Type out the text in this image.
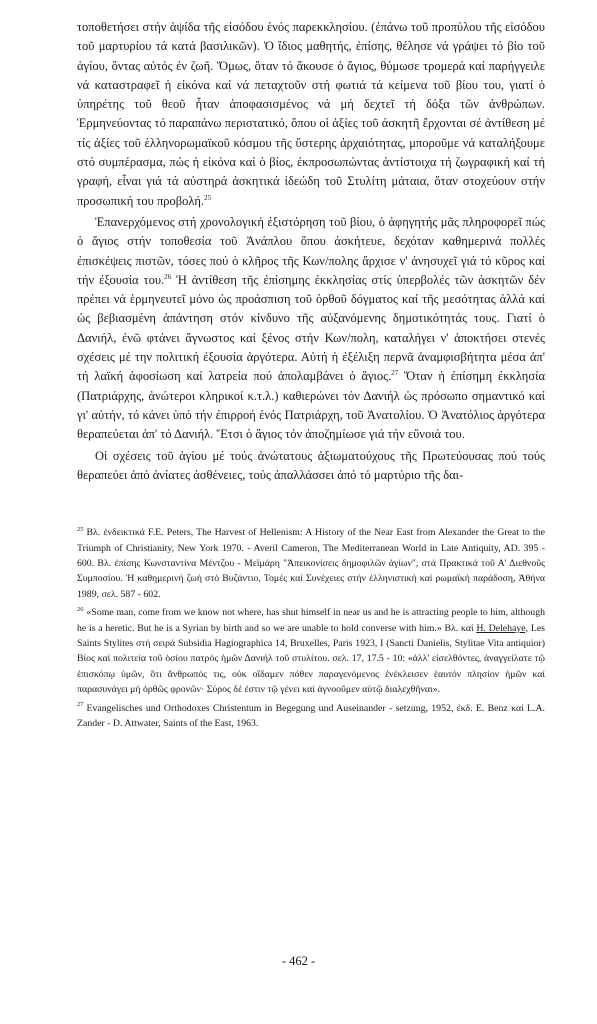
τοποθετήσει στήν ἁψίδα τῆς εἰσόδου ἑνός παρεκκλησίου. (ἐπάνω τοῦ προπύλου τῆς εἰσόδου τοῦ μαρτυρίου τά κατά βασιλικῶν). Ὁ ἴδιος μαθητής, ἐπίσης, θέλησε νά γράψει τό βίο τοῦ ἁγίου, ὄντας αὐτός ἐν ζωῆ. Ὅμως, ὅταν τό ἄκουσε ὁ ἅγιος, θύμωσε τρομερά καί παρήγγειλε νά καταστραφεῖ ἡ εἰκόνα καί νά πεταχτοῦν στή φωτιά τά κείμενα τοῦ βίου του, γιατί ὁ ὑπηρέτης τοῦ θεοῦ ἦταν ἀποφασισμένος νά μή δεχτεῖ τή δόξα τῶν ἀνθρώπων. Ἑρμηνεύοντας τό παραπάνω περιστατικό, ὅπου οἱ ἀξίες τοῦ ἀσκητῆ ἔρχονται σέ ἀντίθεση μέ τίς ἀξίες τοῦ ἑλληνορωμαϊκοῦ κόσμου τῆς ὕστερης ἀρχαιότητας, μποροῦμε νά καταλήξουμε στό συμπέρασμα, πώς ἡ εἰκόνα καί ὁ βίος, ἐκπροσωπώντας ἀντίστοιχα τή ζωγραφική καί τή γραφή, εἶναι γιά τά αὐστηρά ἀσκητικά ἰδεώδη τοῦ Στυλίτη μάταια, ὅταν στοχεύουν στήν προσωπική του προβολή.$^{25}$

Ἐπανερχόμενος στή χρονολογική ἐξιστόρηση τοῦ βίου, ὁ ἀφηγητής μᾶς πληροφορεῖ πώς ὁ ἅγιος στήν τοποθεσία τοῦ Ἀνάπλου ὅπου ἀσκήτευε, δεχόταν καθημερινά πολλές ἐπισκέψεις πιστῶν, τόσες πού ὁ κλῆρος τῆς Κων/πολης ἄρχισε ν' ἀνησυχεῖ γιά τό κῦρος καί τήν ἐξουσία του.$^{26}$ Ἡ ἀντίθεση τῆς ἐπίσημης ἐκκλησίας στίς ὑπερβολές τῶν ἀσκητῶν δέν πρέπει νά ἑρμηνευτεῖ μόνο ὡς προάσπιση τοῦ ὀρθοῦ δόγματος καί τῆς μεσότητας ἀλλά καί ὡς βεβιασμένη ἀπάντηση στόν κίνδυνο τῆς αὐξανόμενης δημοτικότητάς τους. Γιατί ὁ Δανιήλ, ἐνῶ φτάνει ἄγνωστος καί ξένος στήν Κων/πολη, καταλήγει ν' ἀποκτήσει στενές σχέσεις μέ την πολιτική ἐξουσία ἀργότερα. Αὐτή ἡ ἐξέλιξη περνᾶ ἀναμφισβήτητα μέσα ἀπ' τή λαϊκή ἀφοσίωση καί λατρεία πού ἀπολαμβάνει ὁ ἅγιος.$^{27}$ Ὅταν ἡ ἐπίσημη ἐκκλησία (Πατριάρχης, ἀνώτεροι κληρικοί κ.τ.λ.) καθιερώνει τόν Δανιήλ ὡς πρόσωπο σημαντικό καί γι' αὐτήν, τό κάνει ὑπό τήν ἐπιρροή ἑνός Πατριάρχη, τοῦ Ἀνατολίου. Ὁ Ἀνατόλιος ἀργότερα θεραπεύεται ἀπ' τό Δανιήλ. Ἔτσι ὁ ἅγιος τόν ἀποζημίωσε γιά τήν εὔνοιά του.

Οἱ σχέσεις τοῦ ἁγίου μέ τούς ἀνώτατους ἀξιωματούχους τῆς Πρωτεύουσας πού τούς θεραπεύει ἀπό ἀνίατες ἀσθένειες, τούς ἀπαλλάσσει ἀπό τό μαρτύριο τῆς δαι-

$^{25}$ Βλ. ἐνδεικτικά F.E. Peters, The Harvest of Hellenism: A History of the Near East from Alexander the Great to the Triumph of Christianity, New York 1970. - Averil Cameron, The Mediterranean World in Late Antiquity, AD. 395 - 600. Βλ. ἐπίσης Κωνσταντίνα Μέντζου - Μεϊμάρη "Ἀπεικονίσεις δημοφιλῶν ἁγίων", στά Πρακτικά τοῦ Α' Διεθνοῦς Συμποσίου. Ἡ καθημερινή ζωή στό Βυζάντιο, Τομές καί Συνέχειες στήν ἑλληνιστική καί ρωμαϊκή παράδοση, Ἀθήνα 1989, σελ. 587 - 602.

$^{26}$ «Some man, come from we know not where, has shut himself in near us and he is attracting people to him, although he is a heretic. But he is a Syrian by birth and so we are unable to hold converse with him.» Βλ. καί H. Delehaye, Les Saints Stylites στή σειρά Subsidia Hagiographica 14, Bruxelles, Paris 1923, I (Sancti Danielis, Stylitae Vita antiquior) Βίος καί πολιτεία τοῦ ὁσίου πατρός ἡμῶν Δανιήλ τοῦ στυλίτου. σελ. 17, 17.5 - 10: «ἀλλ' εἰσελθόντες, ἀναγγείλατε τῷ ἐπισκόπῳ ὑμῶν, ὅτι ἄνθρωπός τις, οὐκ οἴδαμεν πόθεν παραγενόμενος ἐνέκλεισεν ἑαυτόν πλησίον ἡμῶν καί παρασυνάγει μή ὀρθῶς φρονῶν· Σύρος δέ ἐστιν τῷ γένει καί ἀγνοοῦμεν αὐτῷ διαλεχθῆναι».

$^{27}$ Evangelisches und Orthodoxes Christentum in Begegung und Auseinander - setzung, 1952, ἐκδ. E. Benz καί L.A. Zander - D. Attwater, Saints of the East, 1963.

- 462 -
